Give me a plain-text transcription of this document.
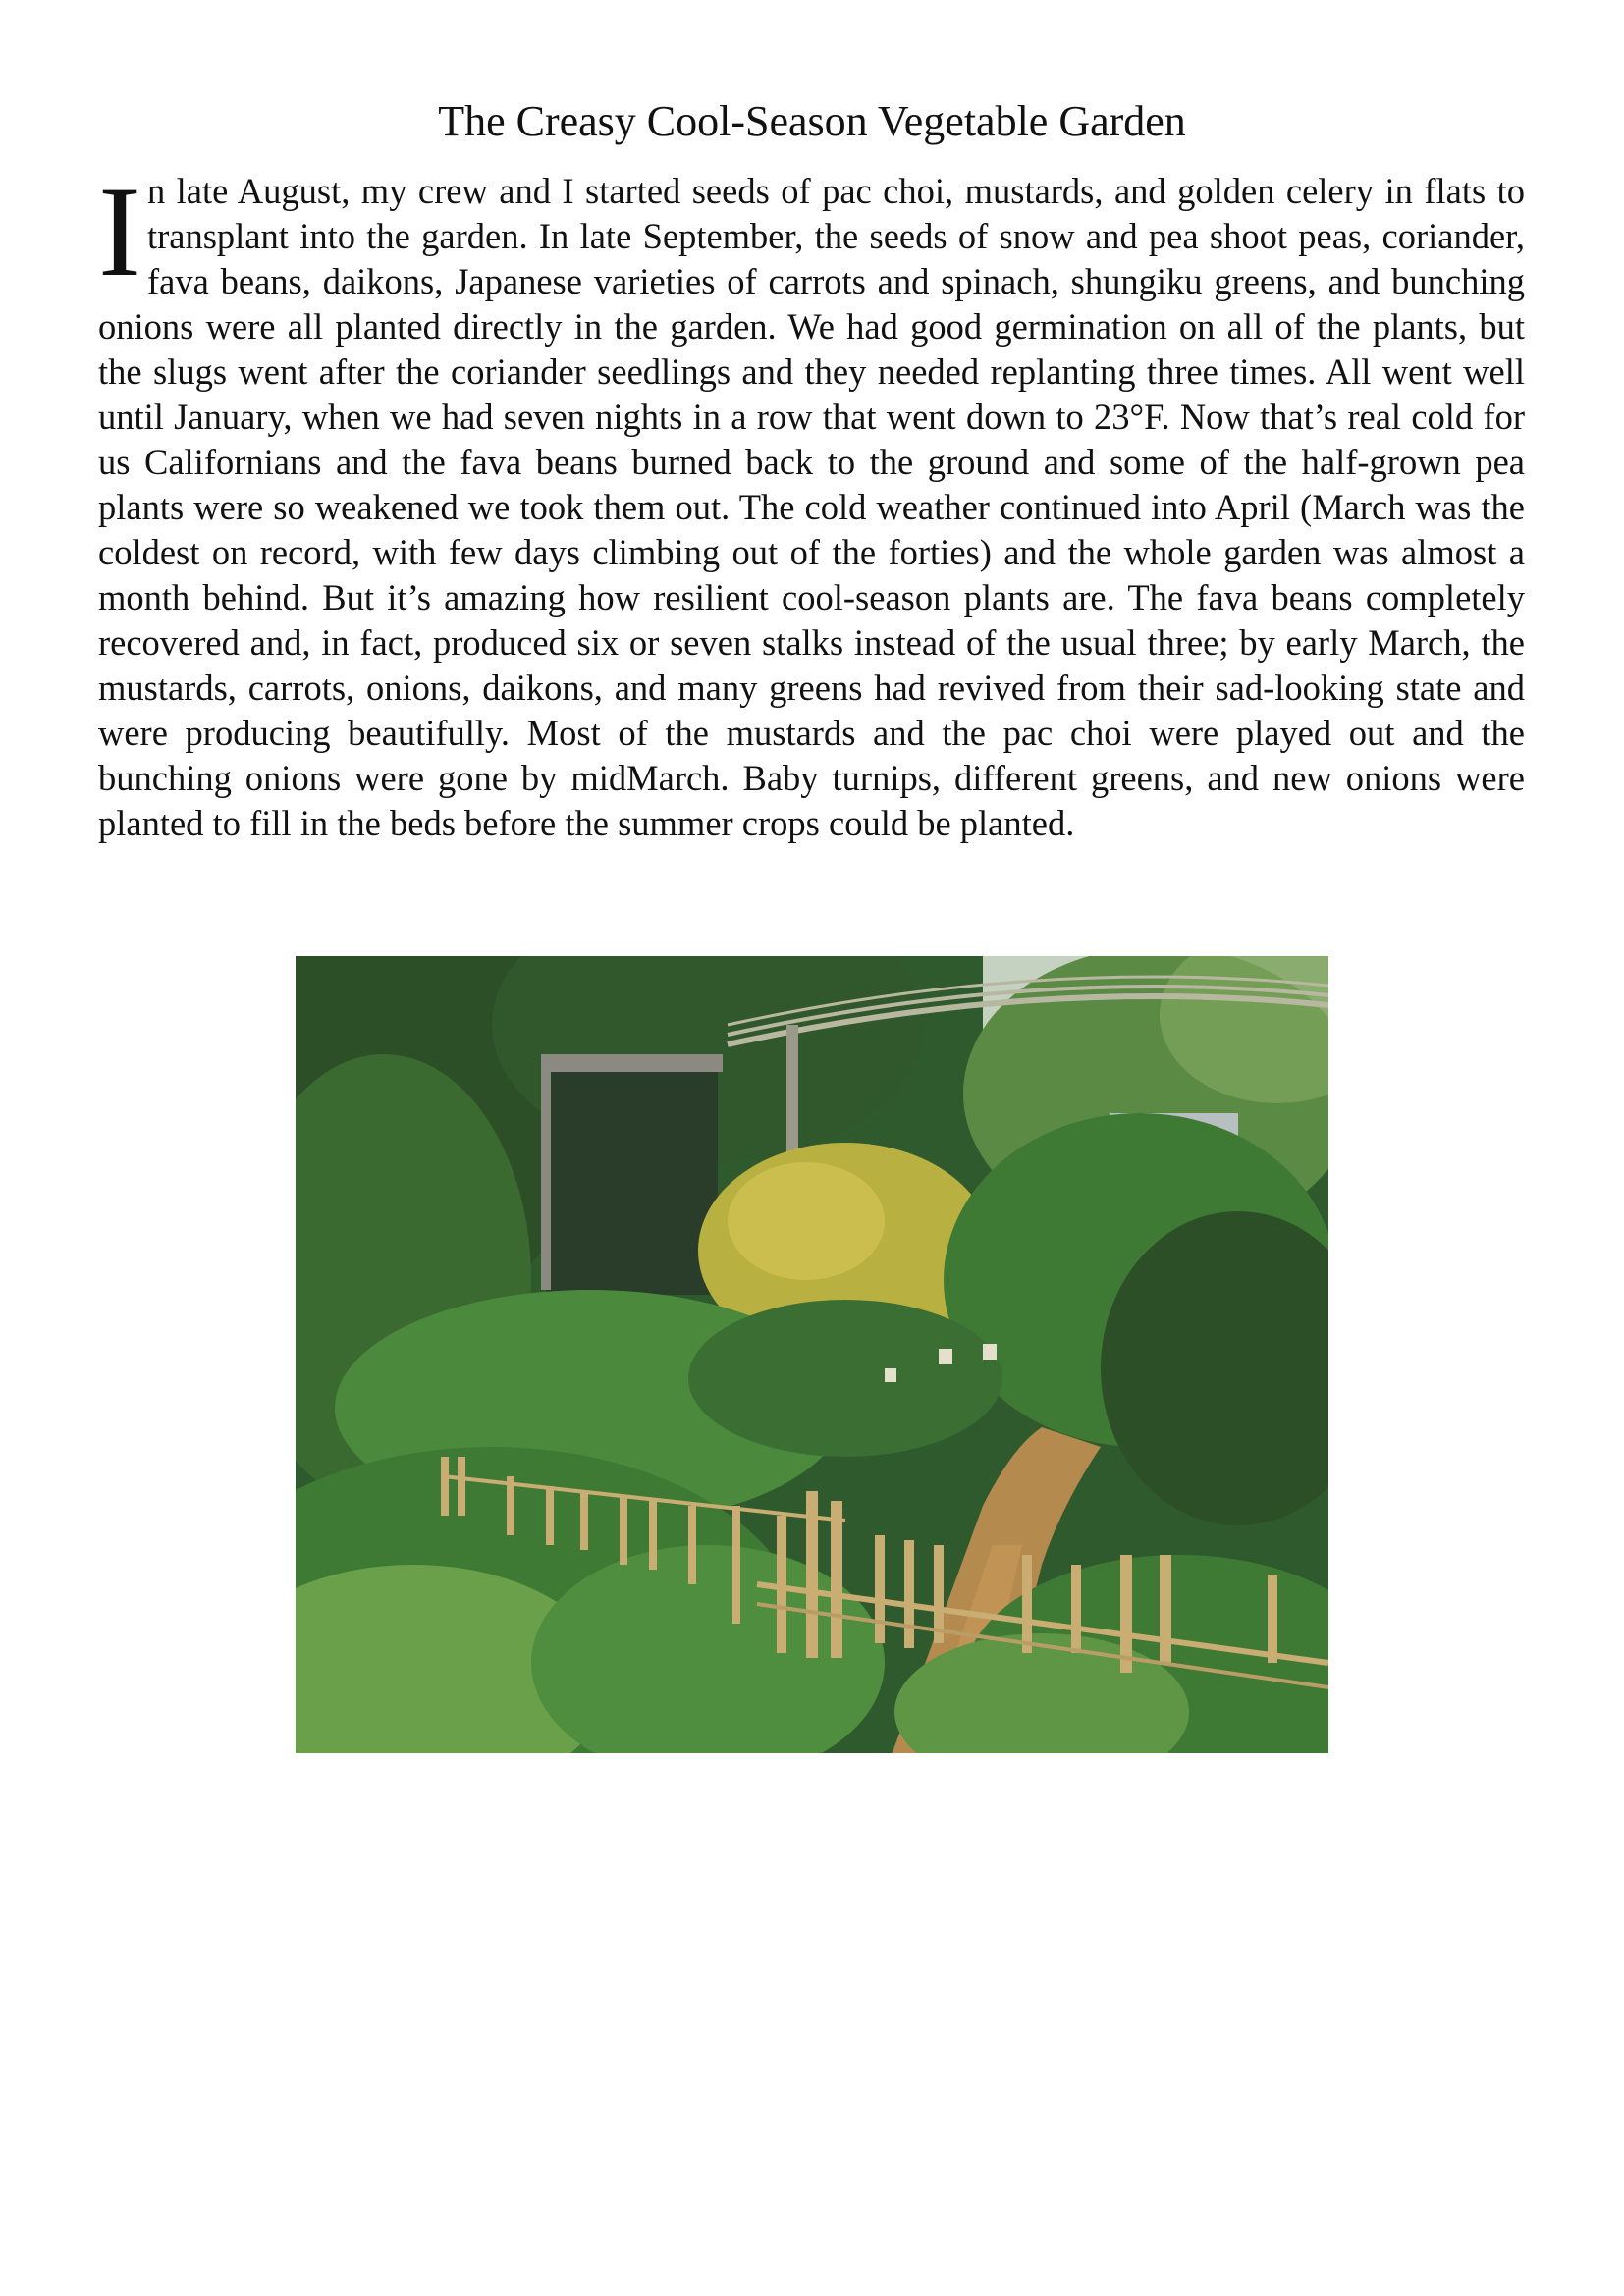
The Creasy Cool-Season Vegetable Garden
In late August, my crew and I started seeds of pac choi, mustards, and golden celery in flats to transplant into the garden. In late September, the seeds of snow and pea shoot peas, coriander, fava beans, daikons, Japanese varieties of carrots and spinach, shungiku greens, and bunching onions were all planted directly in the garden. We had good germination on all of the plants, but the slugs went after the coriander seedlings and they needed replanting three times. All went well until January, when we had seven nights in a row that went down to 23°F. Now that’s real cold for us Californians and the fava beans burned back to the ground and some of the half-grown pea plants were so weakened we took them out. The cold weather continued into April (March was the coldest on record, with few days climbing out of the forties) and the whole garden was almost a month behind. But it’s amazing how resilient cool-season plants are. The fava beans completely recovered and, in fact, produced six or seven stalks instead of the usual three; by early March, the mustards, carrots, onions, daikons, and many greens had revived from their sad-looking state and were producing beautifully. Most of the mustards and the pac choi were played out and the bunching onions were gone by midMarch. Baby turnips, different greens, and new onions were planted to fill in the beds before the summer crops could be planted.
